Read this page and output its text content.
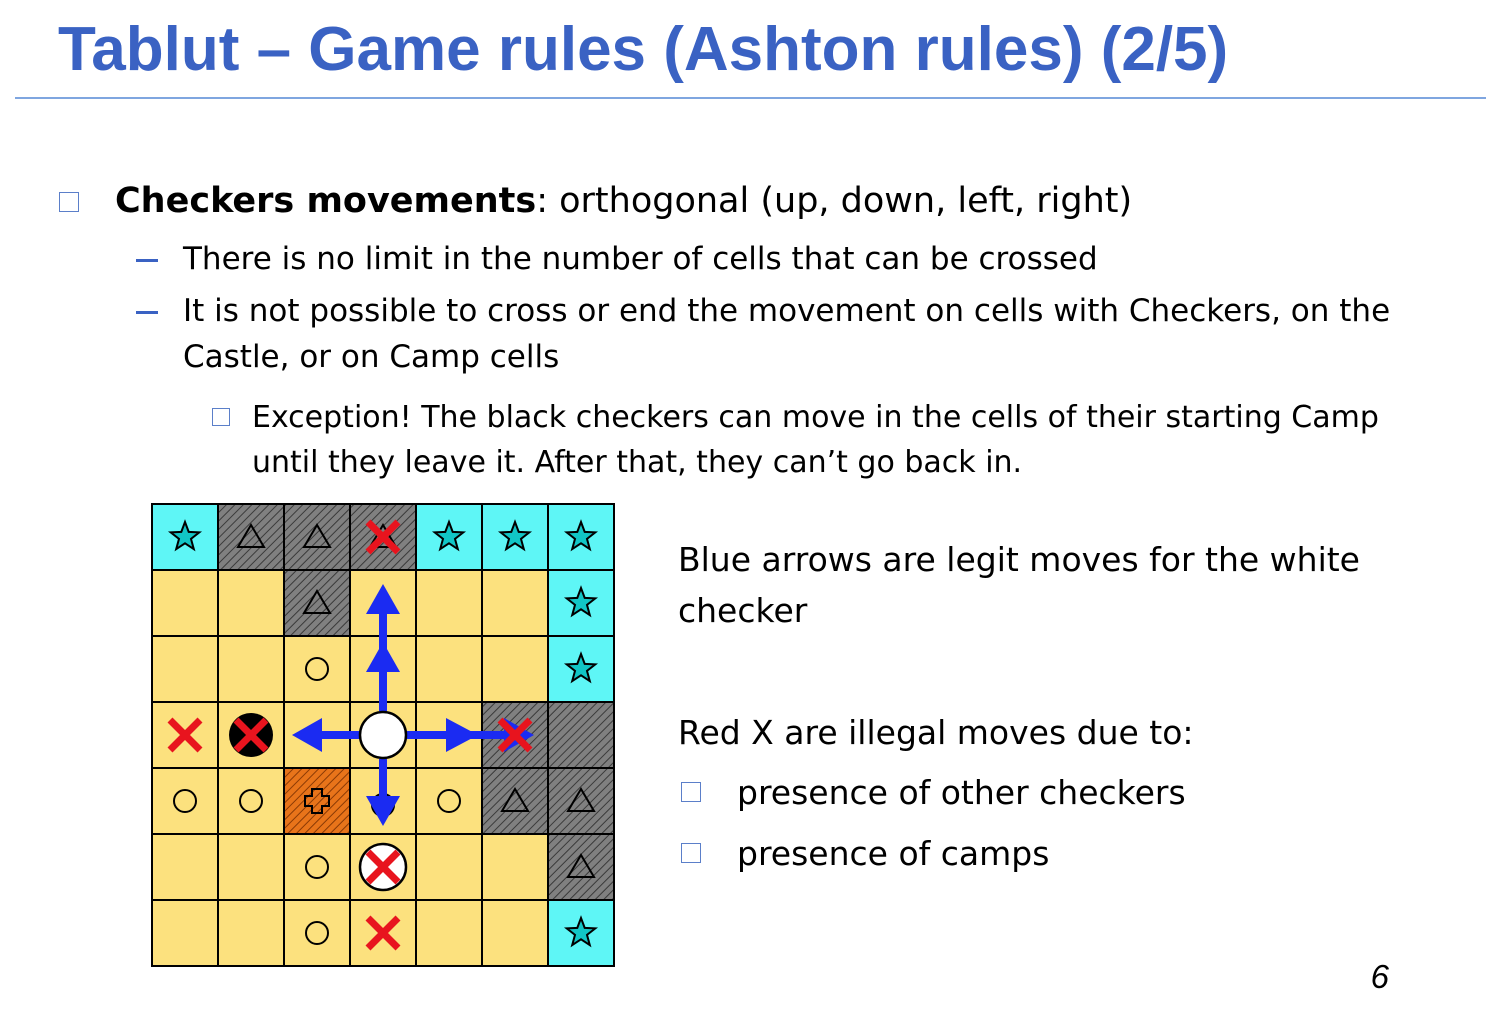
Tablut – Game rules (Ashton rules) (2/5)
Checkers movements: orthogonal (up, down, left, right)
There is no limit in the number of cells that can be crossed
It is not possible to cross or end the movement on cells with Checkers, on the
Castle, or on Camp cells
Exception! The black checkers can move in the cells of their starting Camp
until they leave it. After that, they can’t go back in.
Blue arrows are legit moves for the white
checker
Red X are illegal moves due to:
presence of other checkers
presence of camps
6
